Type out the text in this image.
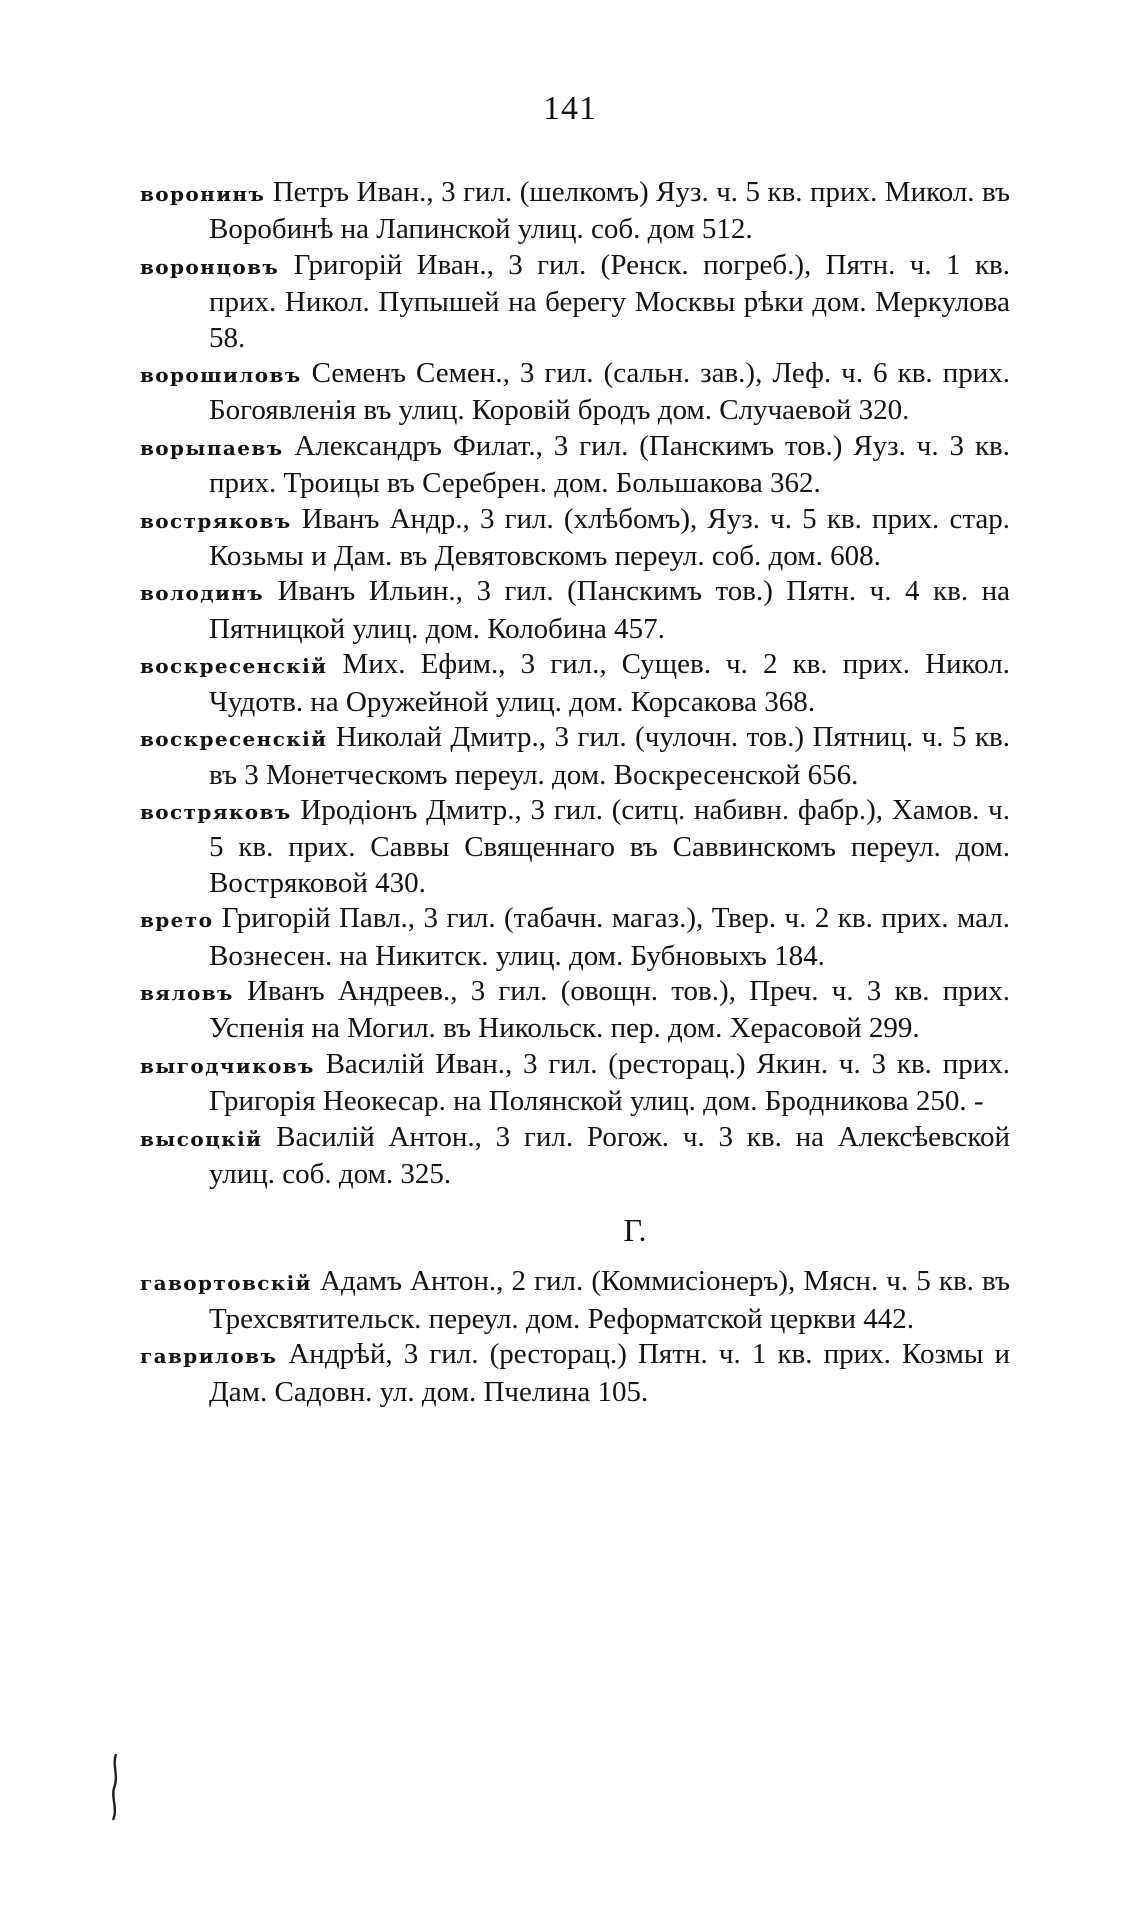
141

воронинъ Петръ Иван., 3 гил. (шелкомъ) Яуз. ч. 5 кв. прих. Микол. въ Воробинѣ на Лапинской улиц. соб. дом 512.

воронцовъ Григорій Иван., 3 гил. (Ренск. погреб.), Пятн. ч. 1 кв. прих. Никол. Пупышей на берегу Москвы рѣки дом. Меркулова 58.

ворошиловъ Семенъ Семен., 3 гил. (сальн. зав.), Леф. ч. 6 кв. прих. Богоявленія въ улиц. Коровій бродъ дом. Случаевой 320.

ворыпаевъ Александръ Филат., 3 гил. (Панскимъ тов.) Яуз. ч. 3 кв. прих. Троицы въ Серебрен. дом. Большакова 362.

востряковъ Иванъ Андр., 3 гил. (хлѣбомъ), Яуз. ч. 5 кв. прих. стар. Козьмы и Дам. въ Девятовскомъ переул. соб. дом. 608.

володинъ Иванъ Ильин., 3 гил. (Панскимъ тов.) Пятн. ч. 4 кв. на Пятницкой улиц. дом. Колобина 457.

воскресенскій Мих. Ефим., 3 гил., Сущев. ч. 2 кв. прих. Никол. Чудотв. на Оружейной улиц. дом. Корсакова 368.

воскресенскій Николай Дмитр., 3 гил. (чулочн. тов.) Пятниц. ч. 5 кв. въ 3 Монетческомъ переул. дом. Воскресенской 656.

востряковъ Иродіонъ Дмитр., 3 гил. (ситц. набивн. фабр.), Хамов. ч. 5 кв. прих. Саввы Священнаго въ Саввинскомъ переул. дом. Востряковой 430.

врето Григорій Павл., 3 гил. (табачн. магаз.), Твер. ч. 2 кв. прих. мал. Вознесен. на Никитск. улиц. дом. Бубновыхъ 184.

вяловъ Иванъ Андреев., 3 гил. (овощн. тов.), Преч. ч. 3 кв. прих. Успенія на Могил. въ Никольск. пер. дом. Херасовой 299.

выгодчиковъ Василій Иван., 3 гил. (ресторац.) Якин. ч. 3 кв. прих. Григорія Неокесар. на Полянской улиц. дом. Бродникова 250. -

высоцкій Василій Антон., 3 гил. Рогож. ч. 3 кв. на Алексѣевской улиц. соб. дом. 325.

Г.

гавортовскій Адамъ Антон., 2 гил. (Коммисіонеръ), Мясн. ч. 5 кв. въ Трехсвятительск. переул. дом. Реформатской церкви 442.

гавриловъ Андрѣй, 3 гил. (ресторац.) Пятн. ч. 1 кв. прих. Козмы и Дам. Садовн. ул. дом. Пчелина 105.
